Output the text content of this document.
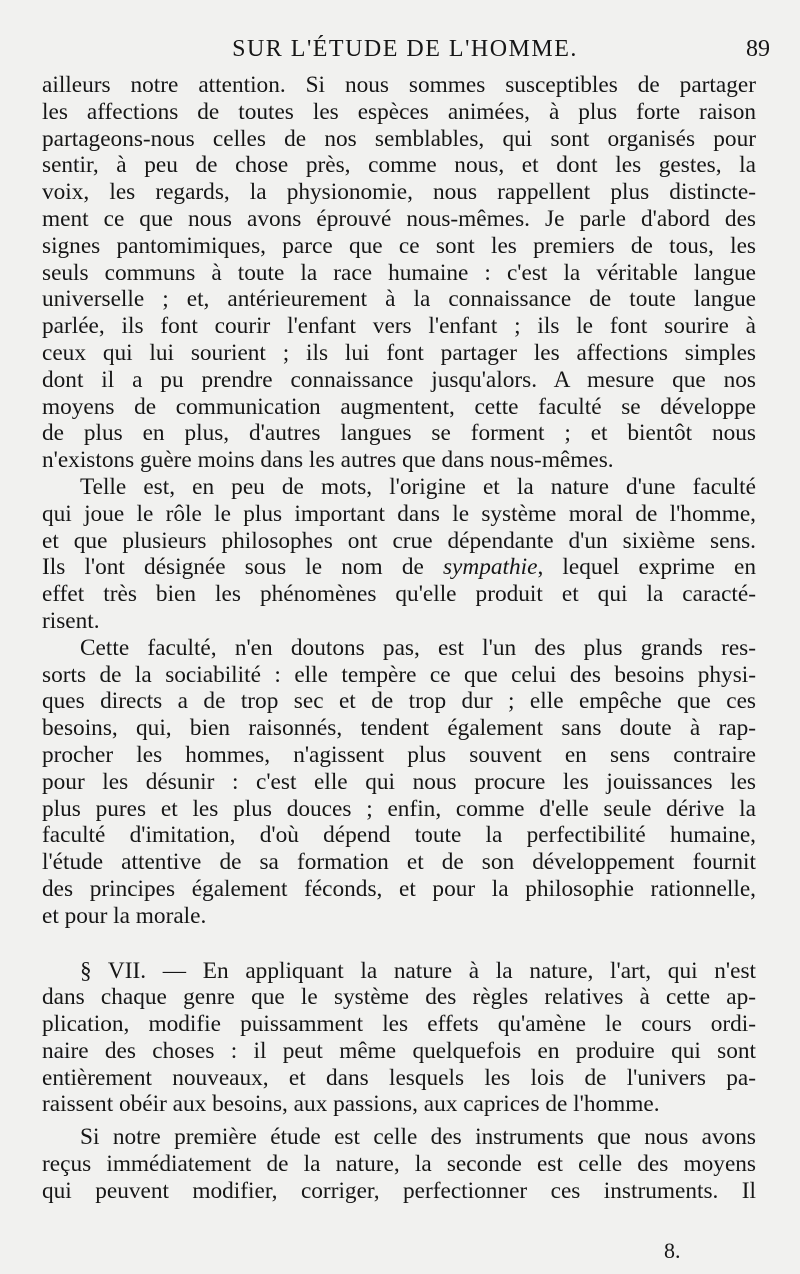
SUR L'ÉTUDE DE L'HOMME.	89
ailleurs notre attention. Si nous sommes susceptibles de partager
les affections de toutes les espèces animées, à plus forte raison
partageons-nous celles de nos semblables, qui sont organisés pour
sentir, à peu de chose près, comme nous, et dont les gestes, la
voix, les regards, la physionomie, nous rappellent plus distincte-
ment ce que nous avons éprouvé nous-mêmes. Je parle d'abord des
signes pantomimiques, parce que ce sont les premiers de tous, les
seuls communs à toute la race humaine : c'est la véritable langue
universelle ; et, antérieurement à la connaissance de toute langue
parlée, ils font courir l'enfant vers l'enfant ; ils le font sourire à
ceux qui lui sourient ; ils lui font partager les affections simples
dont il a pu prendre connaissance jusqu'alors. A mesure que nos
moyens de communication augmentent, cette faculté se développe
de plus en plus, d'autres langues se forment ; et bientôt nous
n'existons guère moins dans les autres que dans nous-mêmes.
Telle est, en peu de mots, l'origine et la nature d'une faculté
qui joue le rôle le plus important dans le système moral de l'homme,
et que plusieurs philosophes ont crue dépendante d'un sixième sens.
Ils l'ont désignée sous le nom de sympathie, lequel exprime en
effet très bien les phénomènes qu'elle produit et qui la caracté-
risent.
Cette faculté, n'en doutons pas, est l'un des plus grands res-
sorts de la sociabilité : elle tempère ce que celui des besoins physi-
ques directs a de trop sec et de trop dur ; elle empêche que ces
besoins, qui, bien raisonnés, tendent également sans doute à rap-
procher les hommes, n'agissent plus souvent en sens contraire
pour les désunir : c'est elle qui nous procure les jouissances les
plus pures et les plus douces ; enfin, comme d'elle seule dérive la
faculté d'imitation, d'où dépend toute la perfectibilité humaine,
l'étude attentive de sa formation et de son développement fournit
des principes également féconds, et pour la philosophie rationnelle,
et pour la morale.
§ VII. — En appliquant la nature à la nature, l'art, qui n'est
dans chaque genre que le système des règles relatives à cette ap-
plication, modifie puissamment les effets qu'amène le cours ordi-
naire des choses : il peut même quelquefois en produire qui sont
entièrement nouveaux, et dans lesquels les lois de l'univers pa-
raissent obéir aux besoins, aux passions, aux caprices de l'homme.
Si notre première étude est celle des instruments que nous avons
reçus immédiatement de la nature, la seconde est celle des moyens
qui peuvent modifier, corriger, perfectionner ces instruments. Il
8.
